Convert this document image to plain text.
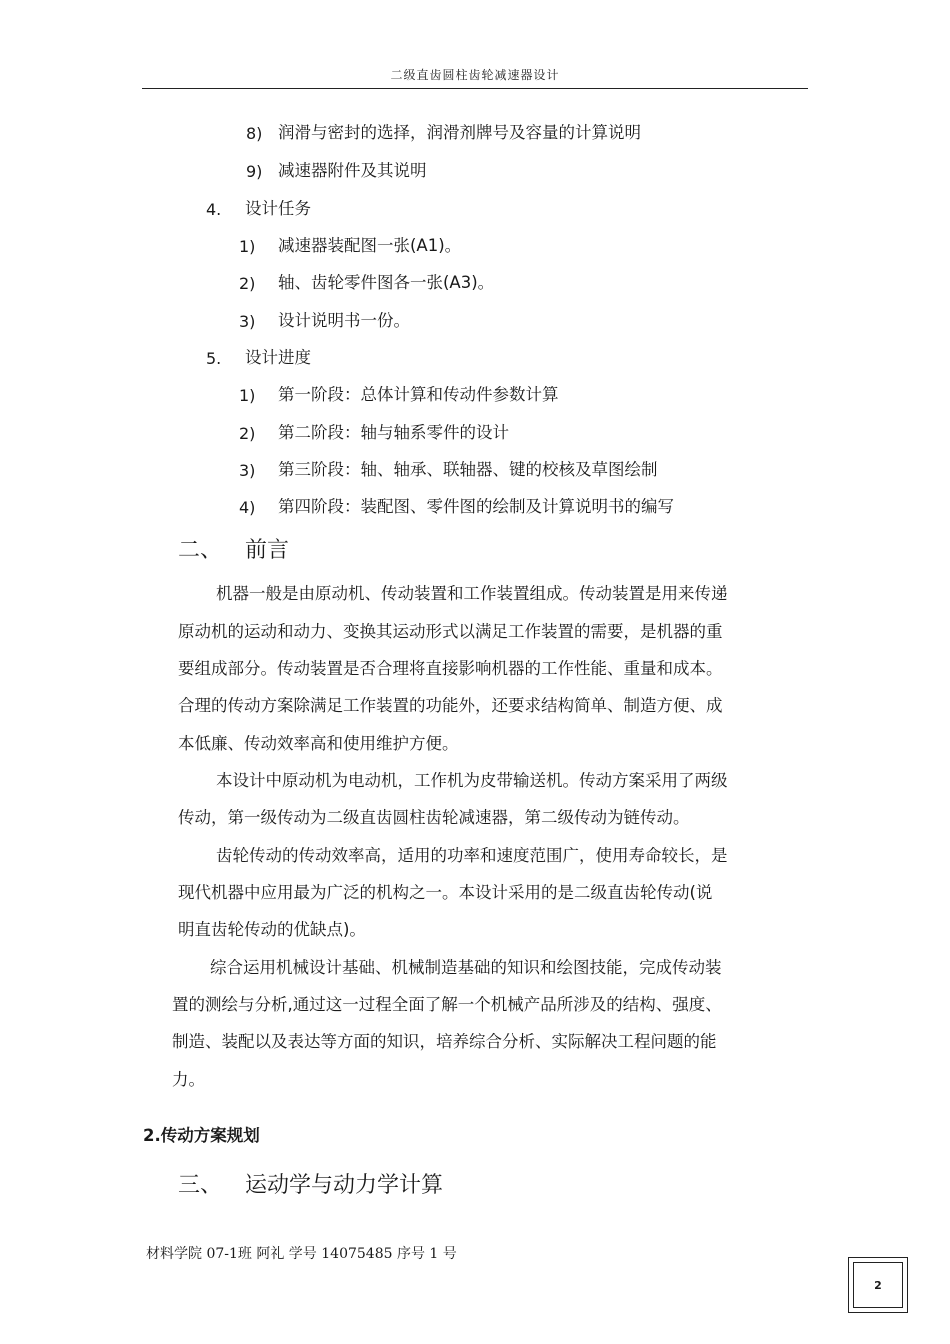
二级直齿圆柱齿轮减速器设计
8) 润滑与密封的选择，润滑剂牌号及容量的计算说明
9) 减速器附件及其说明
4. 设计任务
1) 减速器装配图一张(A1)。
2) 轴、齿轮零件图各一张(A3)。
3) 设计说明书一份。
5. 设计进度
1) 第一阶段：总体计算和传动件参数计算
2) 第二阶段：轴与轴系零件的设计
3) 第三阶段：轴、轴承、联轴器、键的校核及草图绘制
4) 第四阶段：装配图、零件图的绘制及计算说明书的编写
二、 前言
机器一般是由原动机、传动装置和工作装置组成。传动装置是用来传递
原动机的运动和动力、变换其运动形式以满足工作装置的需要，是机器的重
要组成部分。传动装置是否合理将直接影响机器的工作性能、重量和成本。
合理的传动方案除满足工作装置的功能外，还要求结构简单、制造方便、成
本低廉、传动效率高和使用维护方便。
本设计中原动机为电动机，工作机为皮带输送机。传动方案采用了两级
传动，第一级传动为二级直齿圆柱齿轮减速器，第二级传动为链传动。
齿轮传动的传动效率高，适用的功率和速度范围广，使用寿命较长，是
现代机器中应用最为广泛的机构之一。本设计采用的是二级直齿轮传动(说
明直齿轮传动的优缺点)。
综合运用机械设计基础、机械制造基础的知识和绘图技能，完成传动装
置的测绘与分析,通过这一过程全面了解一个机械产品所涉及的结构、强度、
制造、装配以及表达等方面的知识，培养综合分析、实际解决工程问题的能
力。
2.传动方案规划
三、 运动学与动力学计算
材料学院 07-1班 阿礼 学号 14075485 序号 1 号
2
